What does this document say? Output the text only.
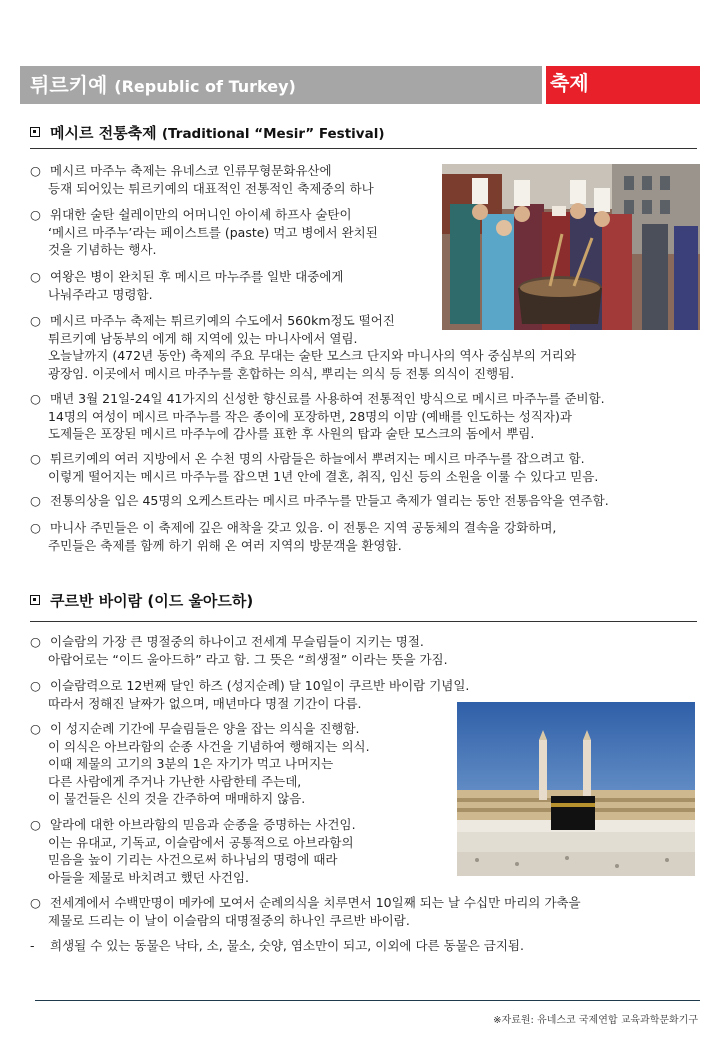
튀르키예 (Republic of Turkey)	축제
메시르 전통축제 (Traditional “Mesir” Festival)
○ 메시르 마주누 축제는 유네스코 인류무형문화유산에
등재 되어있는 튀르키예의 대표적인 전통적인 축제중의 하나
○ 위대한 술탄 쉴레이만의 어머니인 아이셰 하프사 술탄이
‘메시르 마주누’라는 페이스트를 (paste) 먹고 병에서 완치된
것을 기념하는 행사.
○ 여왕은 병이 완치된 후 메시르 마누주를 일반 대중에게
나눠주라고 명령함.
○ 메시르 마주누 축제는 튀르키예의 수도에서 560km정도 떨어진
튀르키예 남동부의 에게 해 지역에 있는 마니사에서 열림.
오늘날까지 (472년 동안) 축제의 주요 무대는 술탄 모스크 단지와 마니사의 역사 중심부의 거리와
광장임. 이곳에서 메시르 마주누를 혼합하는 의식, 뿌리는 의식 등 전통 의식이 진행됨.
○ 매년 3월 21일-24일 41가지의 신성한 향신료를 사용하여 전통적인 방식으로 메시르 마주누를 준비함.
14명의 여성이 메시르 마주누를 작은 종이에 포장하면, 28명의 이맘 (예배를 인도하는 성직자)과
도제들은 포장된 메시르 마주누에 감사를 표한 후 사원의 탑과 술탄 모스크의 돔에서 뿌림.
○ 튀르키예의 여러 지방에서 온 수천 명의 사람들은 하늘에서 뿌려지는 메시르 마주누를 잡으려고 함.
이렇게 떨어지는 메시르 마주누를 잡으면 1년 안에 결혼, 취직, 임신 등의 소원을 이룰 수 있다고 믿음.
○ 전통의상을 입은 45명의 오케스트라는 메시르 마주누를 만들고 축제가 열리는 동안 전통음악을 연주함.
○ 마니사 주민들은 이 축제에 깊은 애착을 갖고 있음. 이 전통은 지역 공동체의 결속을 강화하며,
주민들은 축제를 함께 하기 위해 온 여러 지역의 방문객을 환영함.
쿠르반 바이람 (이드 울아드하)
○ 이슬람의 가장 큰 명절중의 하나이고 전세계 무슬림들이 지키는 명절.
아랍어로는 “이드 울아드하” 라고 함. 그 뜻은 “희생절” 이라는 뜻을 가짐.
○ 이슬람력으로 12번째 달인 하즈 (성지순례) 달 10일이 쿠르반 바이람 기념일.
따라서 정해진 날짜가 없으며, 매년마다 명절 기간이 다름.
○ 이 성지순례 기간에 무슬림들은 양을 잡는 의식을 진행함.
이 의식은 아브라함의 순종 사건을 기념하여 행해지는 의식.
이때 제물의 고기의 3분의 1은 자기가 먹고 나머지는
다른 사람에게 주거나 가난한 사람한테 주는데,
이 물건들은 신의 것을 간주하여 매매하지 않음.
○ 알라에 대한 아브라함의 믿음과 순종을 증명하는 사건임.
이는 유대교, 기독교, 이슬람에서 공통적으로 아브라함의
믿음을 높이 기리는 사건으로써 하나님의 명령에 때라
아들을 제물로 바치려고 했던 사건임.
○ 전세계에서 수백만명이 메카에 모여서 순례의식을 치루면서 10일째 되는 날 수십만 마리의 가축을
제물로 드리는 이 날이 이슬람의 대명절중의 하나인 쿠르반 바이람.
- 희생될 수 있는 동물은 낙타, 소, 물소, 숫양, 염소만이 되고, 이외에 다른 동물은 금지됨.
※자료원: 유네스코 국제연합 교육과학문화기구
